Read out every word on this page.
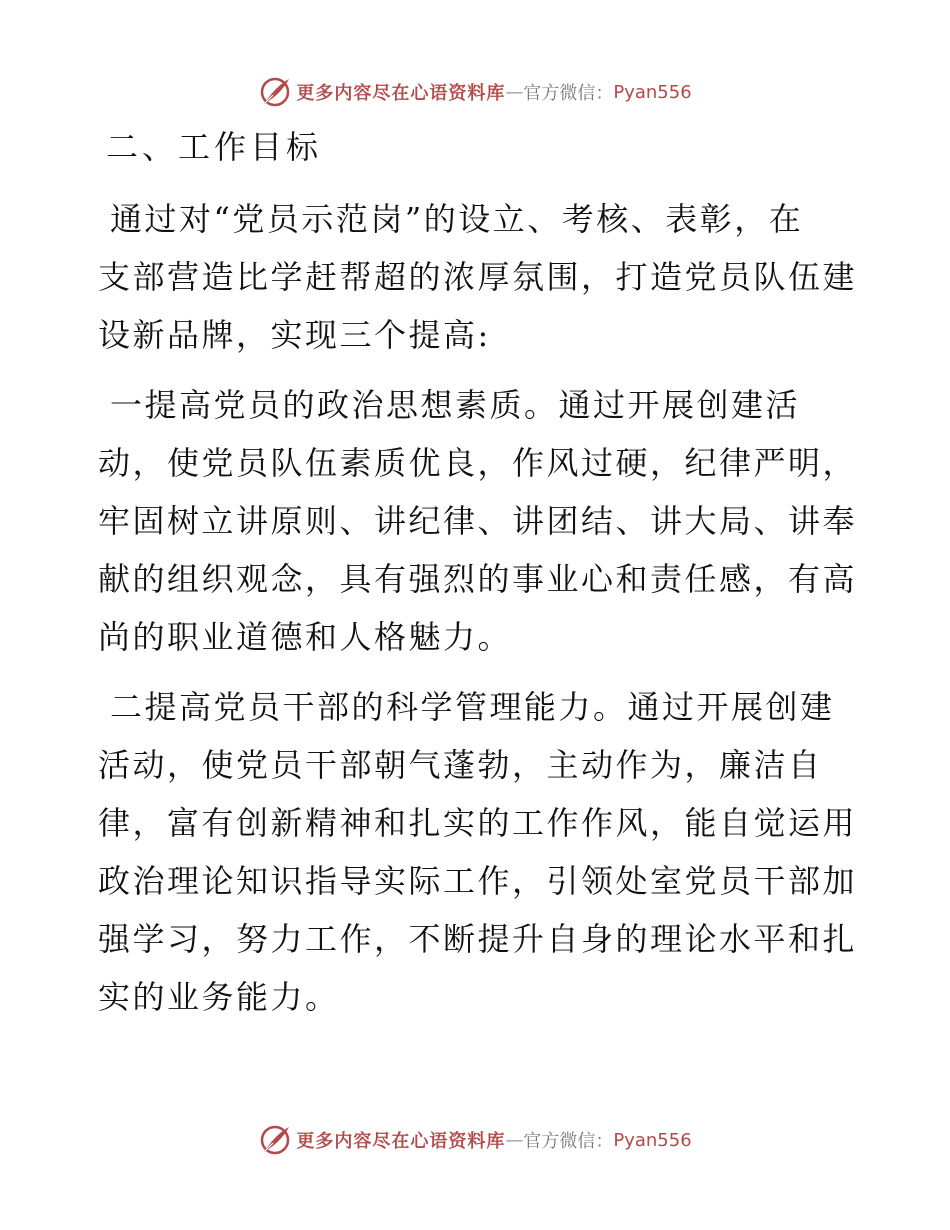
更多内容尽在心语资料库 — 官方微信： Pyan556
二、工作目标

通过对“党员示范岗”的设立、考核、表彰，在
支部营造比学赶帮超的浓厚氛围，打造党员队伍建
设新品牌，实现三个提高:

一提高党员的政治思想素质。通过开展创建活
动，使党员队伍素质优良，作风过硬，纪律严明，
牢固树立讲原则、讲纪律、讲团结、讲大局、讲奉
献的组织观念，具有强烈的事业心和责任感，有高
尚的职业道德和人格魅力。

二提高党员干部的科学管理能力。通过开展创建
活动，使党员干部朝气蓬勃，主动作为，廉洁自
律，富有创新精神和扎实的工作作风，能自觉运用
政治理论知识指导实际工作，引领处室党员干部加
强学习，努力工作，不断提升自身的理论水平和扎
实的业务能力。

更多内容尽在心语资料库 — 官方微信： Pyan556
